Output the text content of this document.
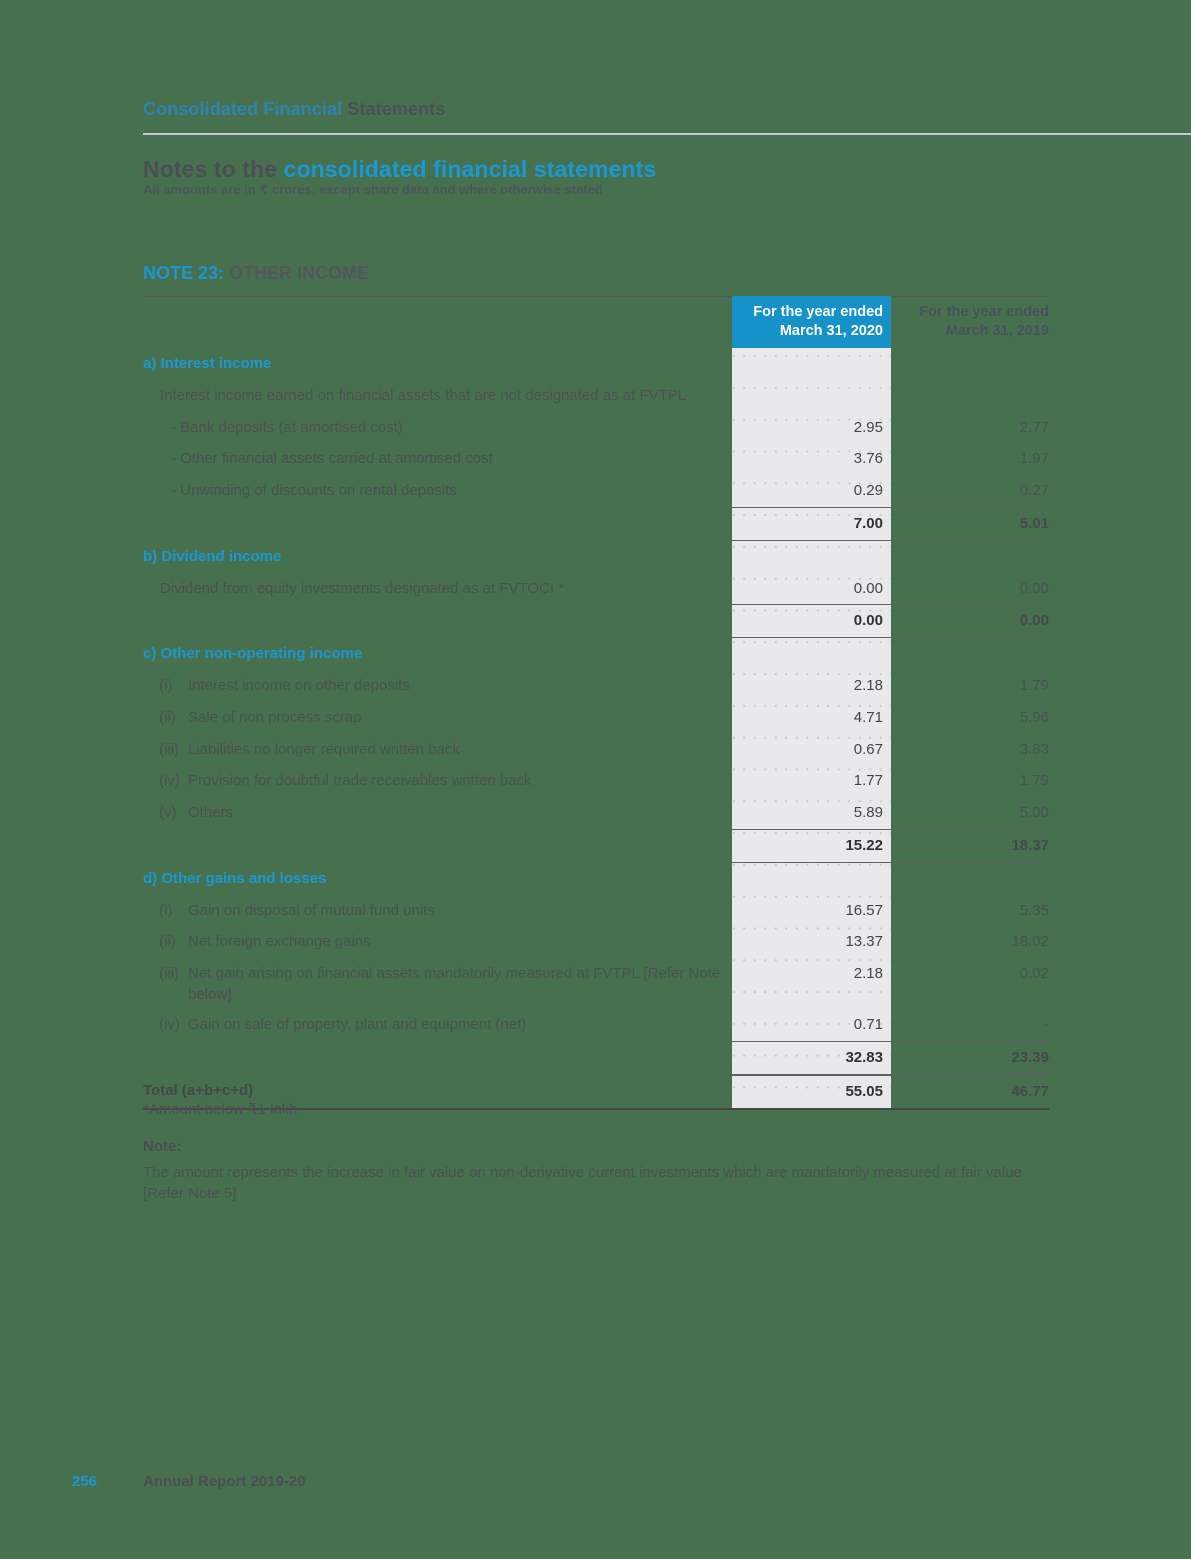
Consolidated Financial Statements
Notes to the consolidated financial statements
All amounts are in ₹ crores, except share data and where otherwise stated
NOTE 23: OTHER INCOME
For the year ended
March 31, 2020
For the year ended
March 31, 2019
a) Interest income
Interest income earned on financial assets that are not designated as at FVTPL
- Bank deposits (at amortised cost)	2.95	2.77
- Other financial assets carried at amortised cost	3.76	1.97
- Unwinding of discounts on rental deposits	0.29	0.27
7.00	5.01
b) Dividend income
Dividend from equity investments designated as at FVTOCI *	0.00	0.00
0.00	0.00
c) Other non-operating income
(i)	Interest income on other deposits	2.18	1.79
(ii) Sale of non process scrap	4.71	5.96
(iii) Liabilities no longer required written back	0.67	3.83
(iv) Provision for doubtful trade receivables written back	1.77	1.79
(v) Others	5.89	5.00
15.22	18.37
d) Other gains and losses
(i)	Gain on disposal of mutual fund units	16.57	5.35
(ii) Net foreign exchange gains	13.37	18.02
(iii) Net gain arising on financial assets mandatorily measured at FVTPL [Refer Note below]
2.18	0.02
(iv) Gain on sale of property, plant and equipment (net)	0.71	-
32.83	23.39
Total (a+b+c+d)	55.05	46.77
*Amount below ₹1 lakh
Note:
The amount represents the increase in fair value on non-derivative current investments which are mandatorily measured at fair value [Refer Note 5]
256	Annual Report 2019-20
